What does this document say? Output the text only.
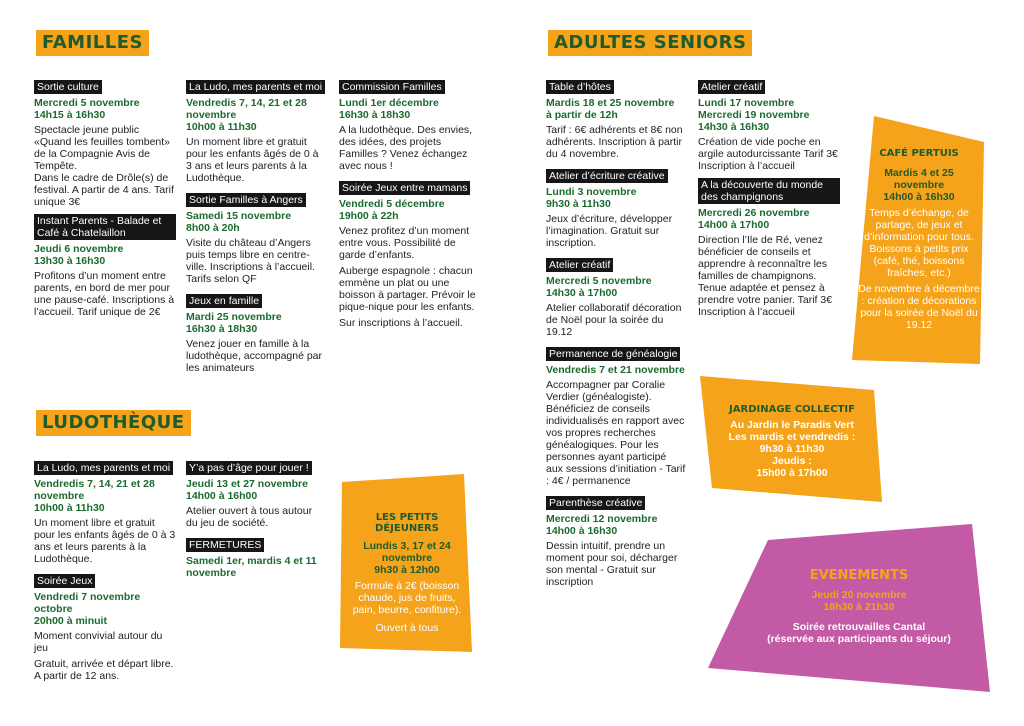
FAMILLES
LUDOTHÈQUE
ADULTES SENIORS
Sortie culture
Mercredi 5 novembre
14h15 à 16h30
Spectacle jeune public «Quand les feuilles tombent» de la Compagnie Avis de Tempête.
Dans le cadre de Drôle(s) de festival. A partir de 4 ans. Tarif unique 3€
Instant Parents - Balade et Café à Chatelaillon
Jeudi 6 novembre
13h30 à 16h30
Profitons d’un moment entre parents, en bord de mer pour une pause-café. Inscriptions à l’accueil. Tarif unique de 2€
La Ludo, mes parents et moi
Vendredis 7, 14, 21 et 28 novembre
10h00 à 11h30
Un moment libre et gratuit pour les enfants âgés de 0 à 3 ans et leurs parents à la Ludothèque.
Sortie Familles à Angers
Samedi 15 novembre
8h00 à 20h
Visite du château d’Angers puis temps libre en centre-ville. Inscriptions à l’accueil. Tarifs selon QF
Jeux en famille
Mardi 25 novembre
16h30 à 18h30
Venez jouer en famille à la ludothèque, accompagné par les animateurs
Commission Familles
Lundi 1er décembre
16h30 à 18h30
A la ludothèque. Des envies, des idées, des projets Familles ? Venez échangez avec nous !
Soirée Jeux entre mamans
Vendredi 5 décembre
19h00 à 22h
Venez profitez d’un moment entre vous. Possibilité de garde d’enfants.
Auberge espagnole : chacun emmène un plat ou une boisson à partager. Prévoir le pique-nique pour les enfants.
Sur inscriptions à l’accueil.
La Ludo, mes parents et moi
Vendredis 7, 14, 21 et 28 novembre
10h00 à 11h30
Un moment libre et gratuit pour les enfants âgés de 0 à 3 ans et leurs parents à la Ludothèque.
Soirée Jeux
Vendredi 7 novembre octobre
20h00 à minuit
Moment convivial autour du jeu
Gratuit, arrivée et départ libre. A partir de 12 ans.
Y’a pas d’âge pour jouer !
Jeudi 13 et 27 novembre
14h00 à 16h00
Atelier ouvert à tous autour du jeu de société.
FERMETURES
Samedi 1er, mardis 4 et 11 novembre
Table d’hôtes
Mardis 18 et 25 novembre
à partir de 12h
Tarif : 6€ adhérents et 8€ non adhérents. Inscription à partir du 4 novembre.
Atelier d’écriture créative
Lundi 3 novembre
9h30 à 11h30
Jeux d’écriture, développer l’imagination. Gratuit sur inscription.
Atelier créatif
Mercredi 5 novembre
14h30 à 17h00
Atelier collaboratif décoration de Noël pour la soirée du 19.12
Permanence de généalogie
Vendredis 7 et 21 novembre
Accompagner par Coralie Verdier (généalogiste). Bénéficiez de conseils individualisés en rapport avec vos propres recherches généalogiques. Pour les personnes ayant participé aux sessions d’initiation - Tarif : 4€ / permanence
Parenthèse créative
Mercredi 12 novembre
14h00 à 16h30
Dessin intuitif, prendre un moment pour soi, décharger son mental - Gratuit sur inscription
Atelier créatif
Lundi 17 novembre
Mercredi 19 novembre
14h30 à 16h30
Création de vide poche en argile autodurcissante Tarif 3€ Inscription à l’accueil
A la découverte du monde des champignons
Mercredi 26 novembre
14h00 à 17h00
Direction l’Ile de Ré, venez bénéficier de conseils et apprendre à reconnaître les familles de champignons. Tenue adaptée et pensez à prendre votre panier. Tarif 3€ Inscription à l’accueil
LES PETITS DÉJEUNERS
Lundis 3, 17 et 24 novembre
9h30 à 12h00
Formule à 2€ (boisson chaude, jus de fruits, pain, beurre, confiture).
Ouvert à tous
CAFÉ PERTUIS
Mardis 4 et 25 novembre
14h00 à 16h30
Temps d’échange, de partage, de jeux et d’information pour tous. Boissons à petits prix (café, thé, boissons fraîches, etc.)
De novembre à décembre : création de décorations pour la soirée de Noël du 19.12
JARDINAGE COLLECTIF
Au Jardin le Paradis Vert
Les mardis et vendredis :
9h30 à 11h30
Jeudis :
15h00 à 17h00
EVENEMENTS
Jeudi 20 novembre
18h30 à 21h30
Soirée retrouvailles Cantal
(réservée aux participants du séjour)
